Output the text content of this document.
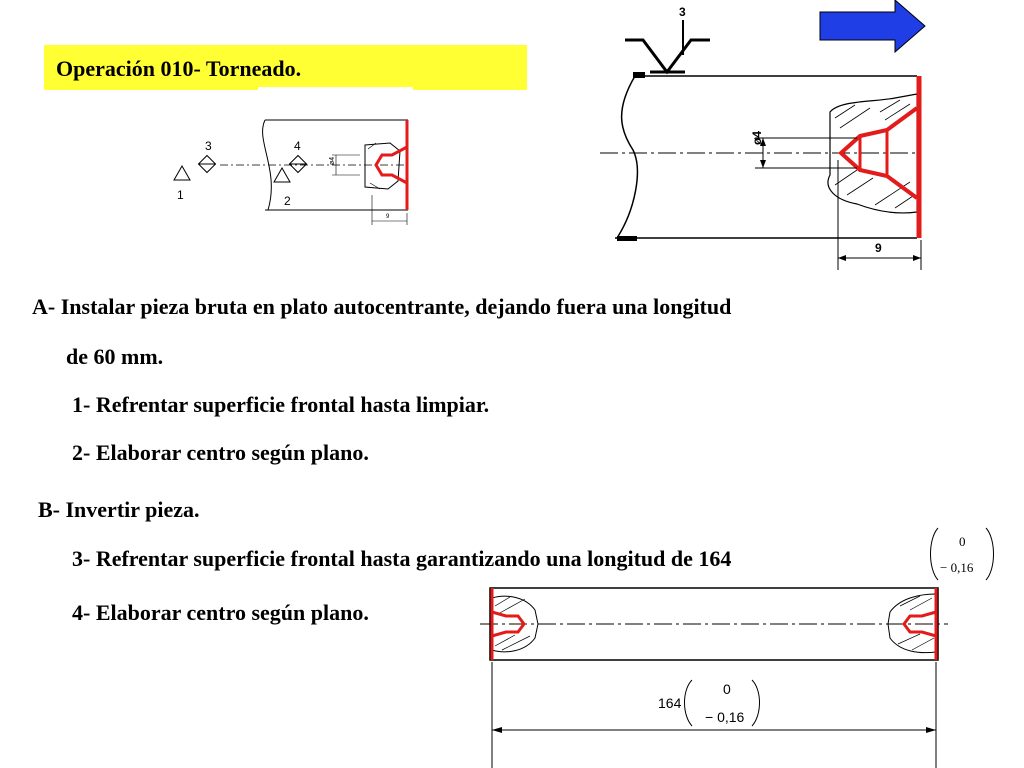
Operación 010- Torneado.
ø4
9
3	4
1	2
3
ø4
9
A- Instalar pieza bruta en plato autocentrante, dejando fuera una longitud
de 60 mm.
1- Refrentar superficie frontal hasta limpiar.
2- Elaborar centro según plano.
B- Invertir pieza.
3- Refrentar superficie frontal hasta garantizando una longitud de 164
4- Elaborar centro según plano.
0
− 0,16
164
0
− 0,16
